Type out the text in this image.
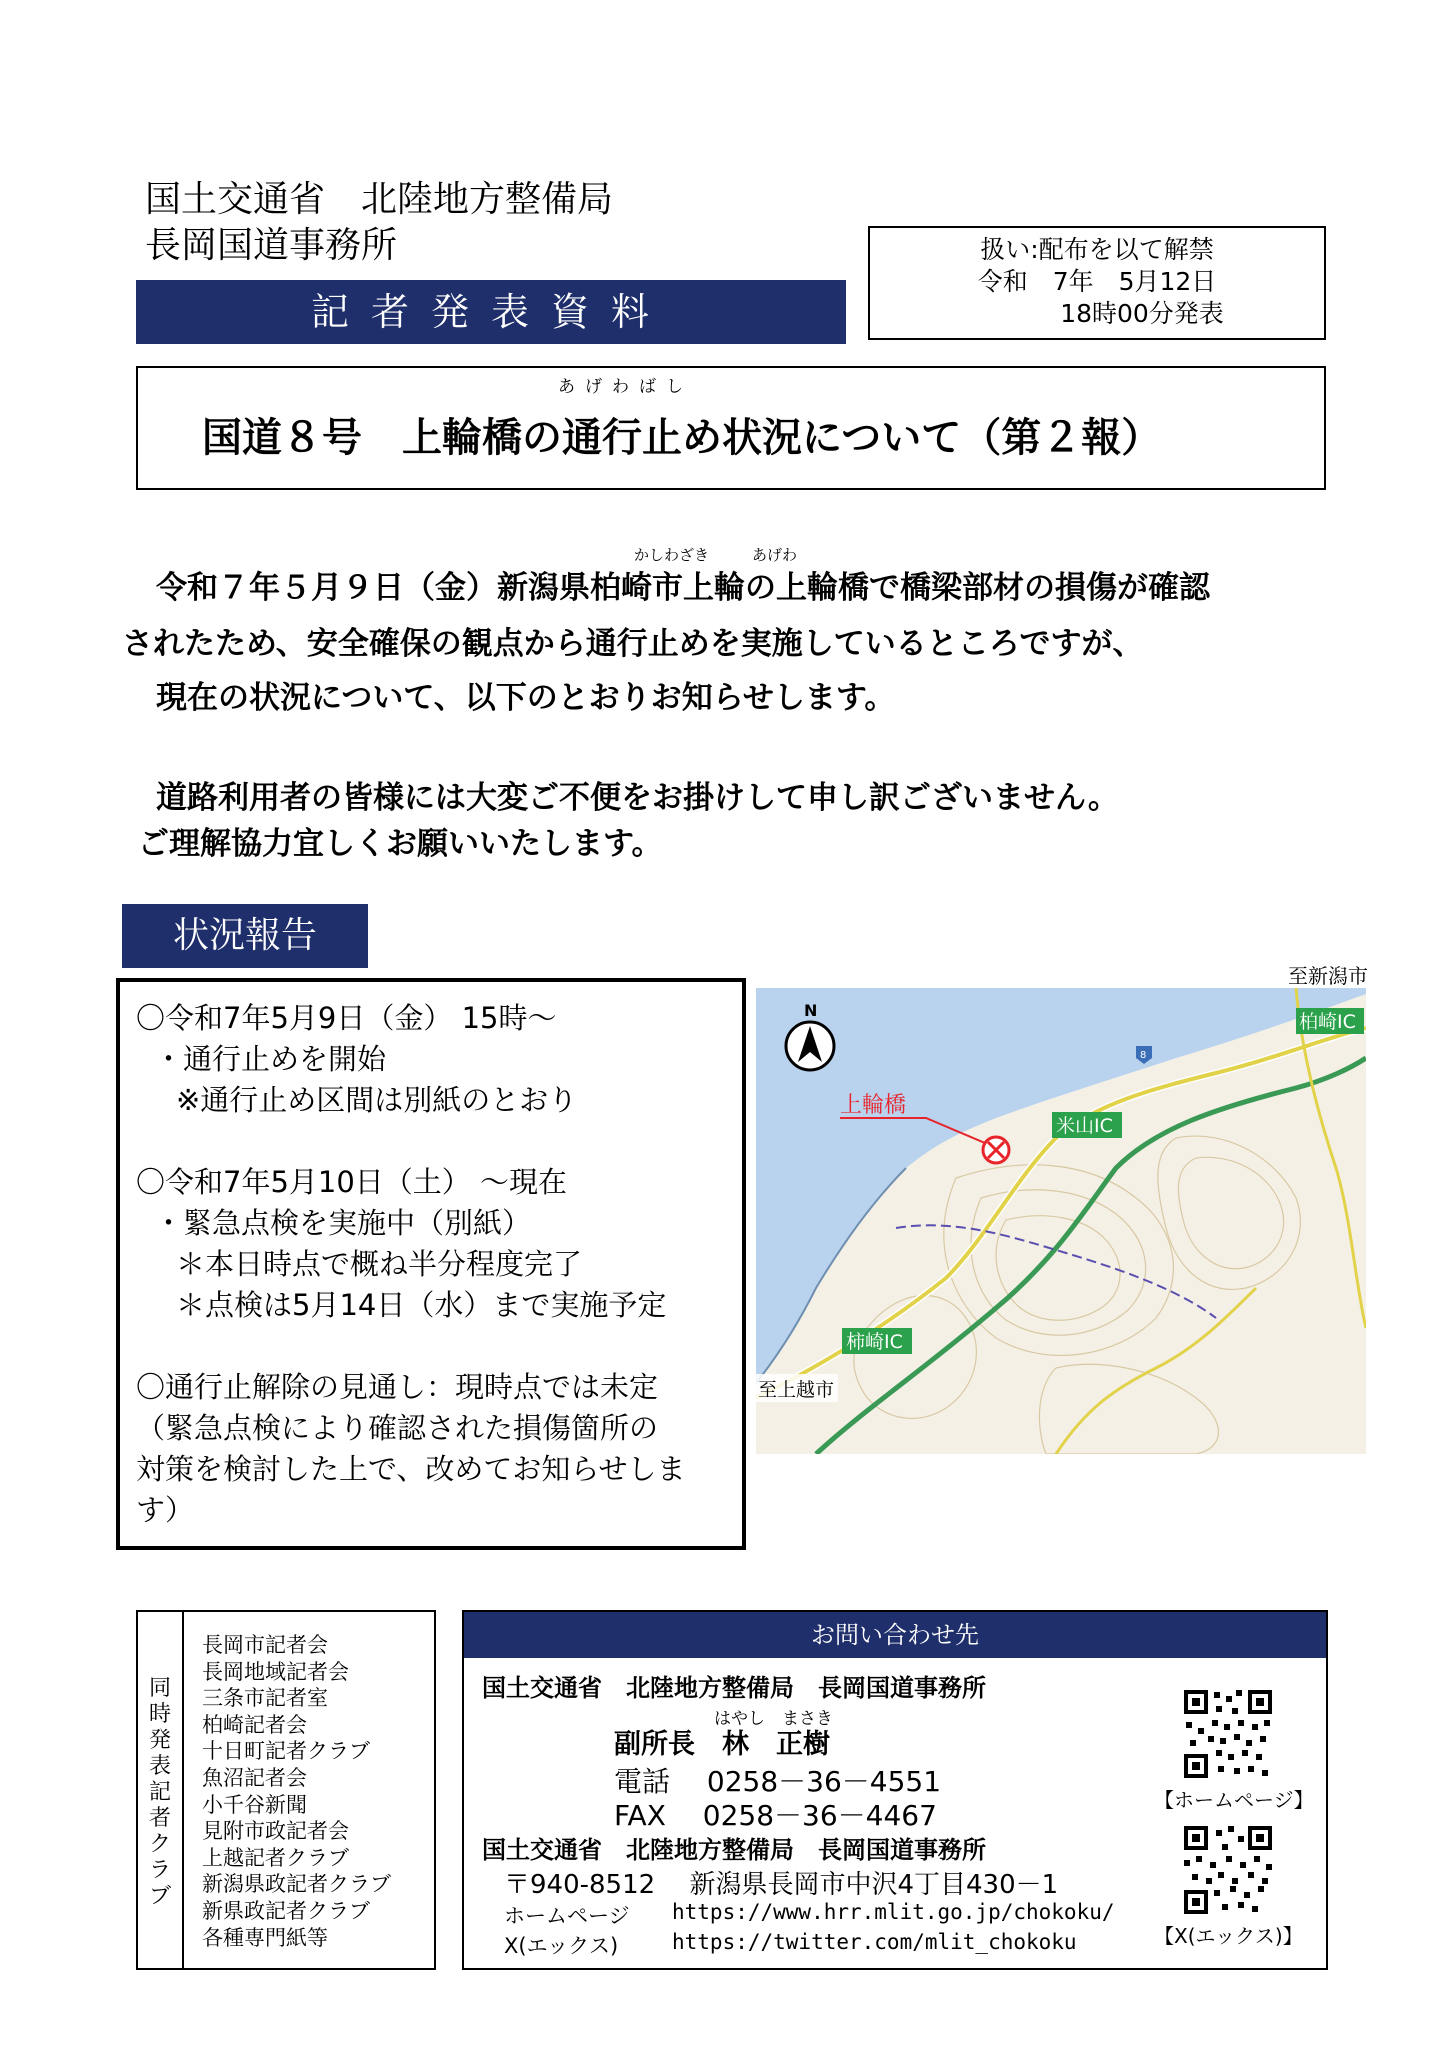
国土交通省　北陸地方整備局
長岡国道事務所
記者発表資料
扱い:配布を以て解禁
令和　7年　5月12日
18時00分発表
あげわばし
国道８号　上輪橋の通行止め状況について（第２報）
かしわざき	あげわ
令和７年５月９日（金）新潟県柏崎市上輪の上輪橋で橋梁部材の損傷が確認
されたため、安全確保の観点から通行止めを実施しているところですが、
現在の状況について、以下のとおりお知らせします。
道路利用者の皆様には大変ご不便をお掛けして申し訳ございません。
ご理解協力宜しくお願いいたします。
状況報告
〇令和7年5月9日（金） 15時～
・通行止めを開始
※通行止め区間は別紙のとおり
〇令和7年5月10日（土） ～現在
・緊急点検を実施中（別紙）
＊本日時点で概ね半分程度完了
＊点検は5月14日（水）まで実施予定
〇通行止解除の見通し：現時点では未定
（緊急点検により確認された損傷箇所の
対策を検討した上で、改めてお知らせしま
す）
至新潟市
N
上輪橋
8
米山IC
柏崎IC
柿崎IC
至上越市
同時発表記者クラブ
長岡市記者会
長岡地域記者会
三条市記者室
柏崎記者会
十日町記者クラブ
魚沼記者会
小千谷新聞
見附市政記者会
上越記者クラブ
新潟県政記者クラブ
新県政記者クラブ
各種専門紙等
お問い合わせ先
国土交通省　北陸地方整備局　長岡国道事務所
はやし　まさき
副所長　林　正樹
電話　 0258－36－4551
FAX　 0258－36－4467
国土交通省　北陸地方整備局　長岡国道事務所
〒940-8512　 新潟県長岡市中沢4丁目430－1
ホームページ https://www.hrr.mlit.go.jp/chokoku/
X(エックス)	https://twitter.com/mlit_chokoku
【ホームページ】
【X(エックス)】
